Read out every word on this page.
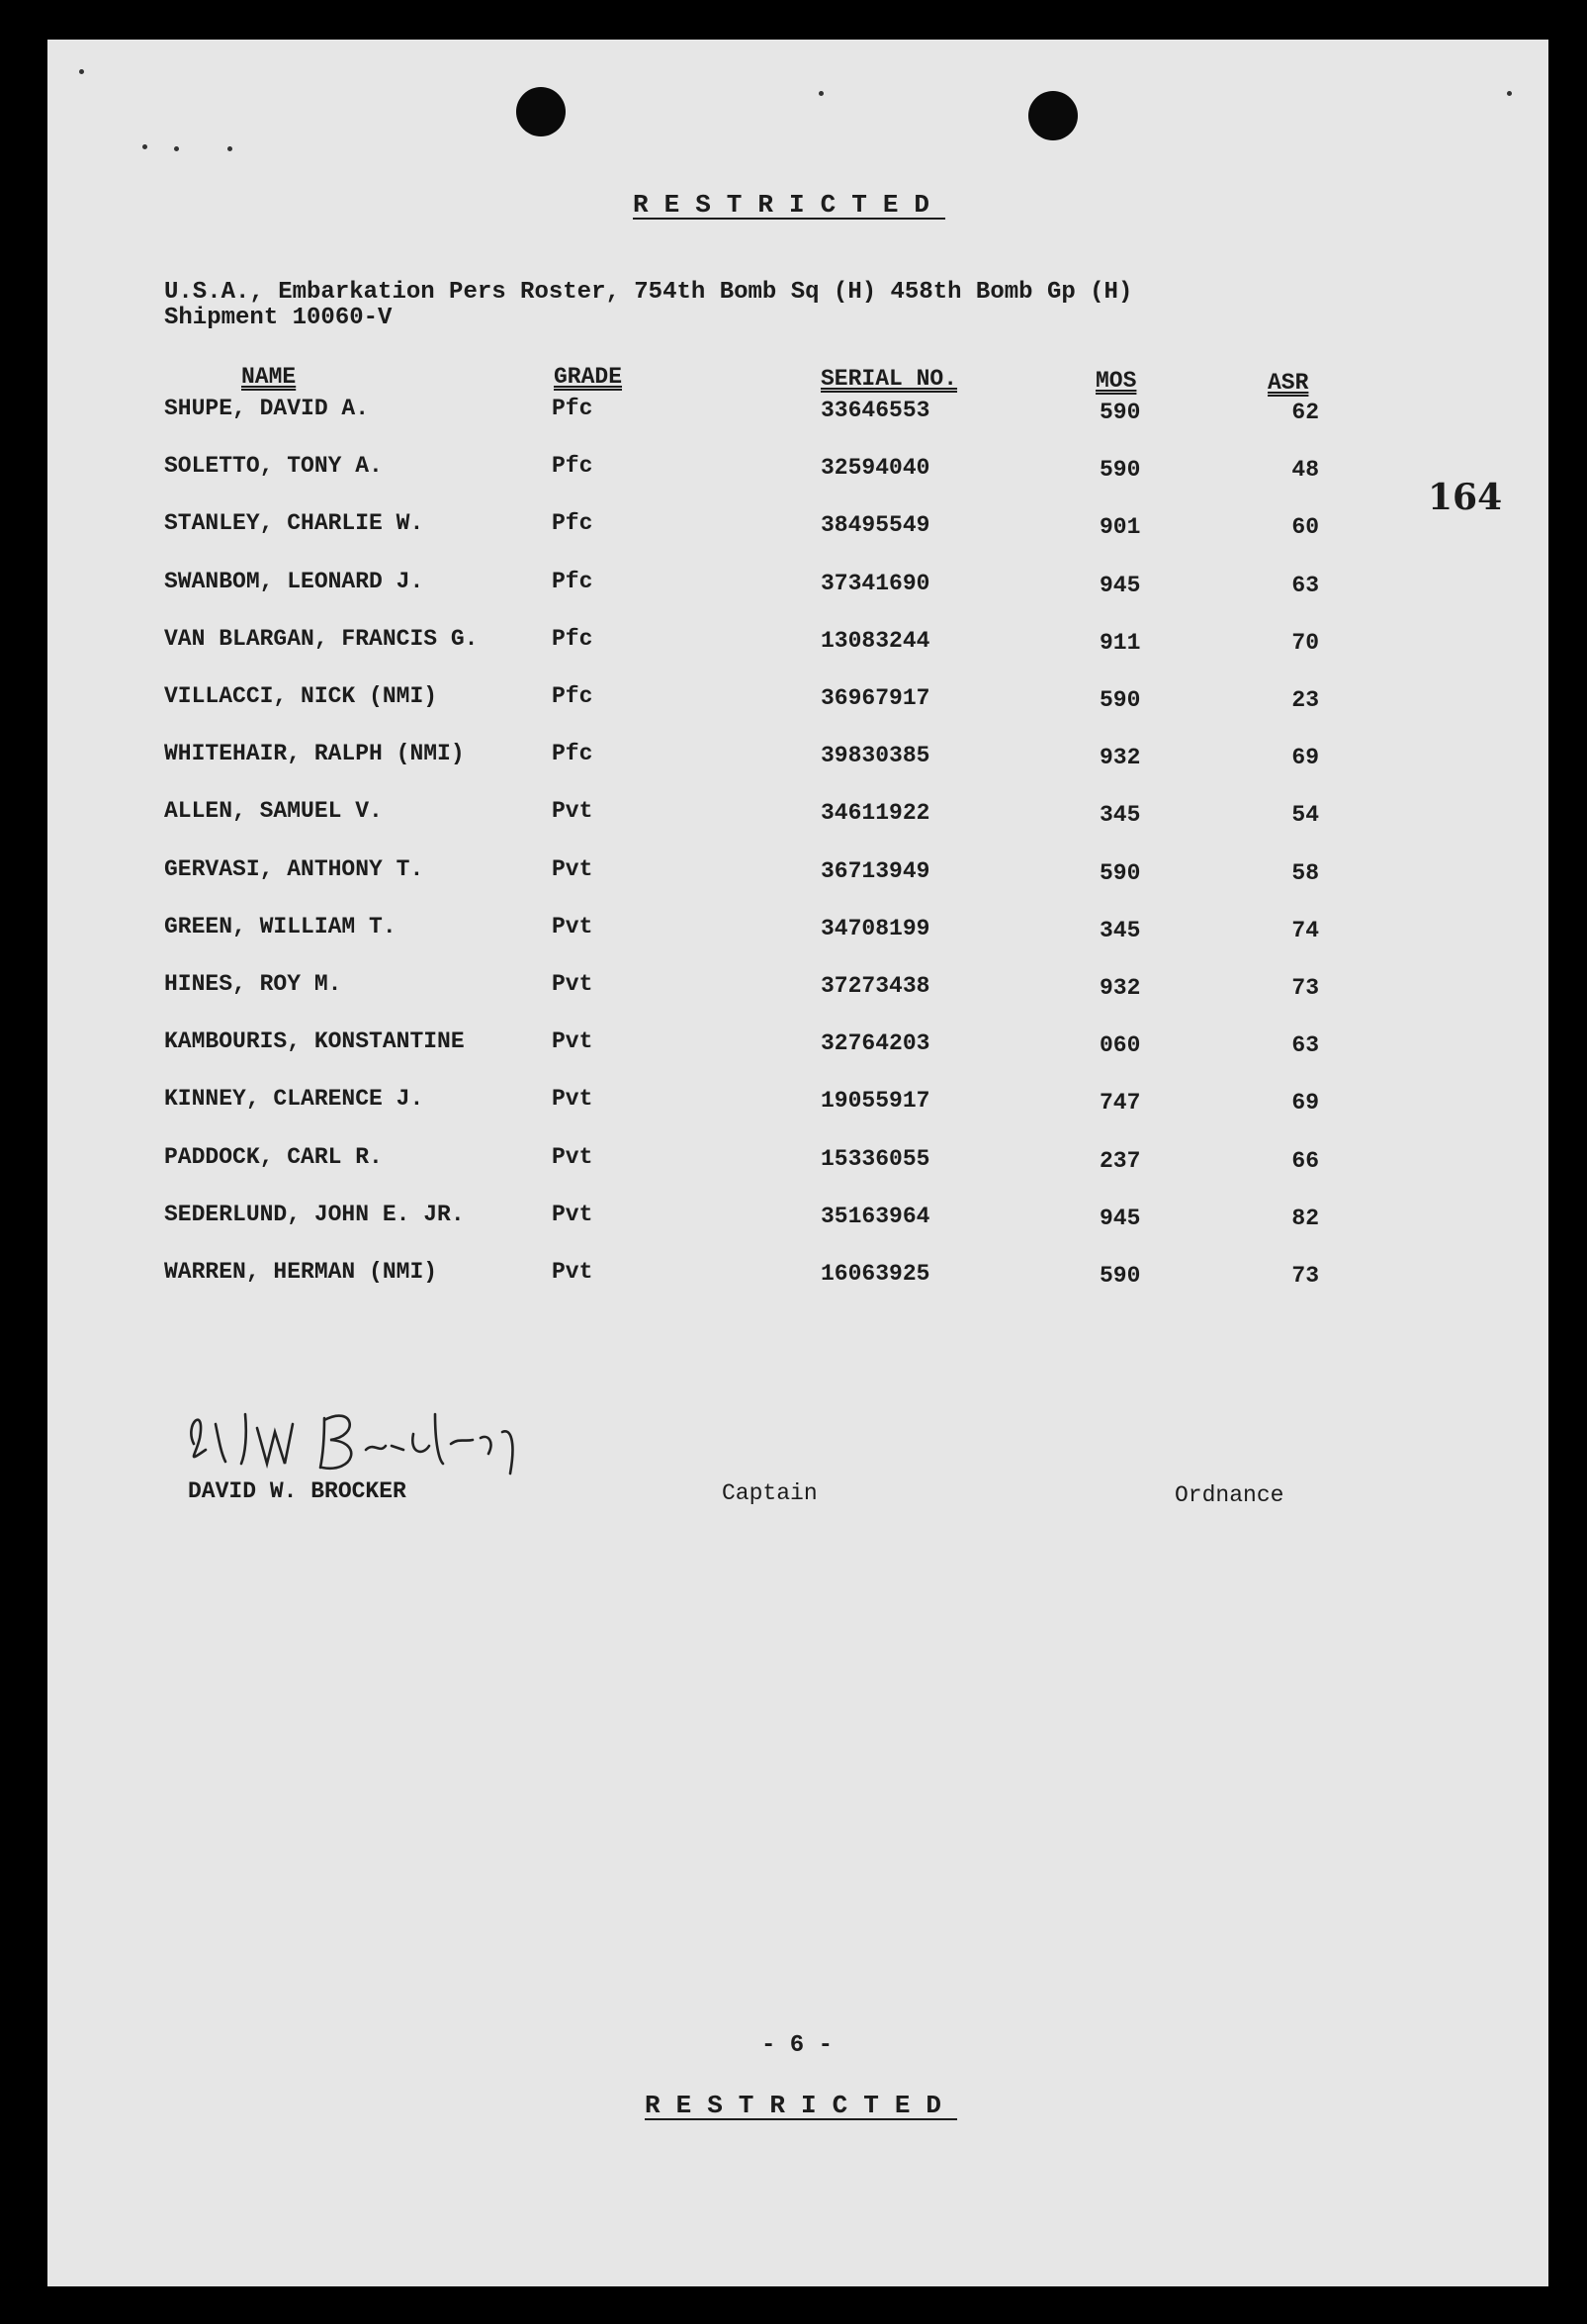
RESTRICTED
U.S.A., Embarkation Pers Roster, 754th Bomb Sq (H) 458th Bomb Gp (H)
Shipment 10060-V
164
NAME	GRADE	SERIAL NO.	MOS	ASR
SHUPE, DAVID A.	Pfc	33646553	590	62
SOLETTO, TONY A.	Pfc	32594040	590	48
STANLEY, CHARLIE W.	Pfc	38495549	901	60
SWANBOM, LEONARD J.	Pfc	37341690	945	63
VAN BLARGAN, FRANCIS G.	Pfc	13083244	911	70
VILLACCI, NICK (NMI)	Pfc	36967917	590	23
WHITEHAIR, RALPH (NMI)	Pfc	39830385	932	69
ALLEN, SAMUEL V.	Pvt	34611922	345	54
GERVASI, ANTHONY T.	Pvt	36713949	590	58
GREEN, WILLIAM T.	Pvt	34708199	345	74
HINES, ROY M.	Pvt	37273438	932	73
KAMBOURIS, KONSTANTINE	Pvt	32764203	060	63
KINNEY, CLARENCE J.	Pvt	19055917	747	69
PADDOCK, CARL R.	Pvt	15336055	237	66
SEDERLUND, JOHN E. JR.	Pvt	35163964	945	82
WARREN, HERMAN (NMI)	Pvt	16063925	590	73
DAVID W. BROCKER	Captain	Ordnance
- 6 -
RESTRICTED
